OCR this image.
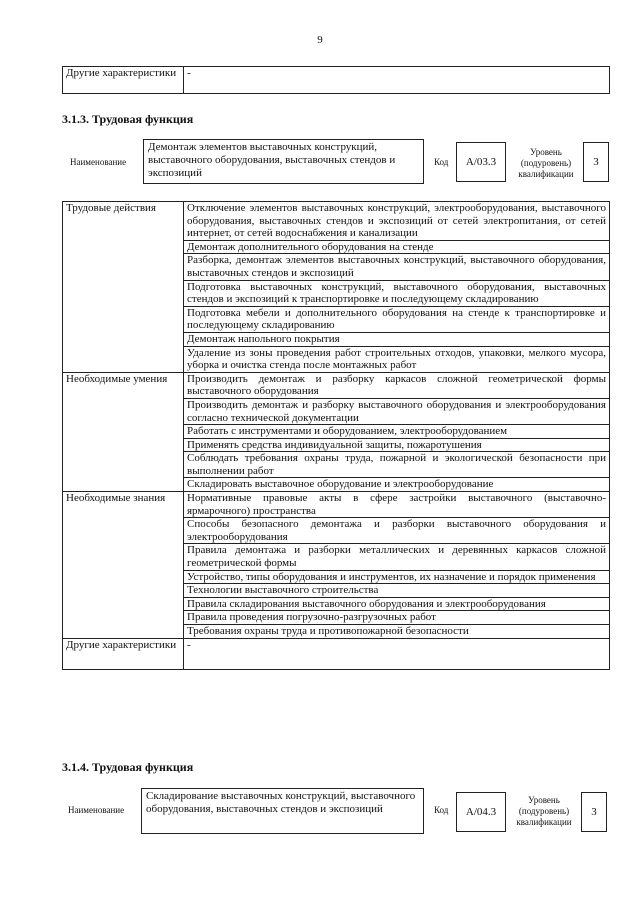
9
Другие характеристики	-
3.1.3. Трудовая функция
Наименование
Демонтаж элементов выставочных конструкций, выставочного оборудования, выставочных стендов и экспозиций
Код	А/03.3
Уровень (подуровень) квалификации
3
Трудовые действия	Отключение элементов выставочных конструкций, электрооборудования, выставочного оборудования, выставочных стендов и экспозиций от сетей электропитания, от сетей интернет, от сетей водоснабжения и канализации
	Демонтаж дополнительного оборудования на стенде
	Разборка, демонтаж элементов выставочных конструкций, выставочного оборудования, выставочных стендов и экспозиций
	Подготовка выставочных конструкций, выставочного оборудования, выставочных стендов и экспозиций к транспортировке и последующему складированию
	Подготовка мебели и дополнительного оборудования на стенде к транспортировке и последующему складированию
	Демонтаж напольного покрытия
	Удаление из зоны проведения работ строительных отходов, упаковки, мелкого мусора, уборка и очистка стенда после монтажных работ
Необходимые умения	Производить демонтаж и разборку каркасов сложной геометрической формы выставочного оборудования
	Производить демонтаж и разборку выставочного оборудования и электрооборудования согласно технической документации
	Работать с инструментами и оборудованием, электрооборудованием
	Применять средства индивидуальной защиты, пожаротушения
	Соблюдать требования охраны труда, пожарной и экологической безопасности при выполнении работ
	Складировать выставочное оборудование и электрооборудование
Необходимые знания	Нормативные правовые акты в сфере застройки выставочного (выставочно-ярмарочного) пространства
	Способы безопасного демонтажа и разборки выставочного оборудования и электрооборудования
	Правила демонтажа и разборки металлических и деревянных каркасов сложной геометрической формы
	Устройство, типы оборудования и инструментов, их назначение и порядок применения
	Технологии выставочного строительства
	Правила складирования выставочного оборудования и электрооборудования
	Правила проведения погрузочно-разгрузочных работ
	Требования охраны труда и противопожарной безопасности
Другие характеристики	-
3.1.4. Трудовая функция
Наименование
Складирование выставочных конструкций, выставочного оборудования, выставочных стендов и экспозиций	Код	А/04.3
Уровень (подуровень) квалификации
3
